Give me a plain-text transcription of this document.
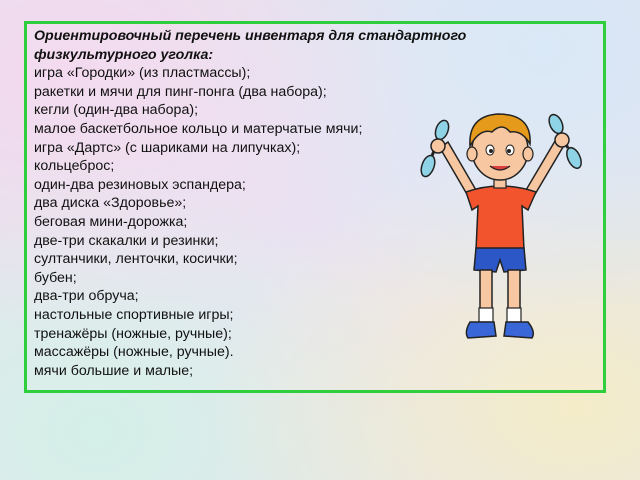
Ориентировочный перечень инвентаря для стандартного физкультурного уголка:
игра «Городки» (из пластмассы);
ракетки и мячи для пинг-понга (два набора);
кегли (один-два набора);
малое баскетбольное кольцо и матерчатые мячи;
игра «Дартс» (с шариками на липучках);
кольцеброс;
один-два резиновых эспандера;
два диска «Здоровье»;
беговая мини-дорожка;
две-три скакалки и резинки;
султанчики, ленточки, косички;
бубен;
два-три обруча;
настольные спортивные игры;
тренажёры (ножные, ручные);
массажёры (ножные, ручные).
мячи большие и малые;
